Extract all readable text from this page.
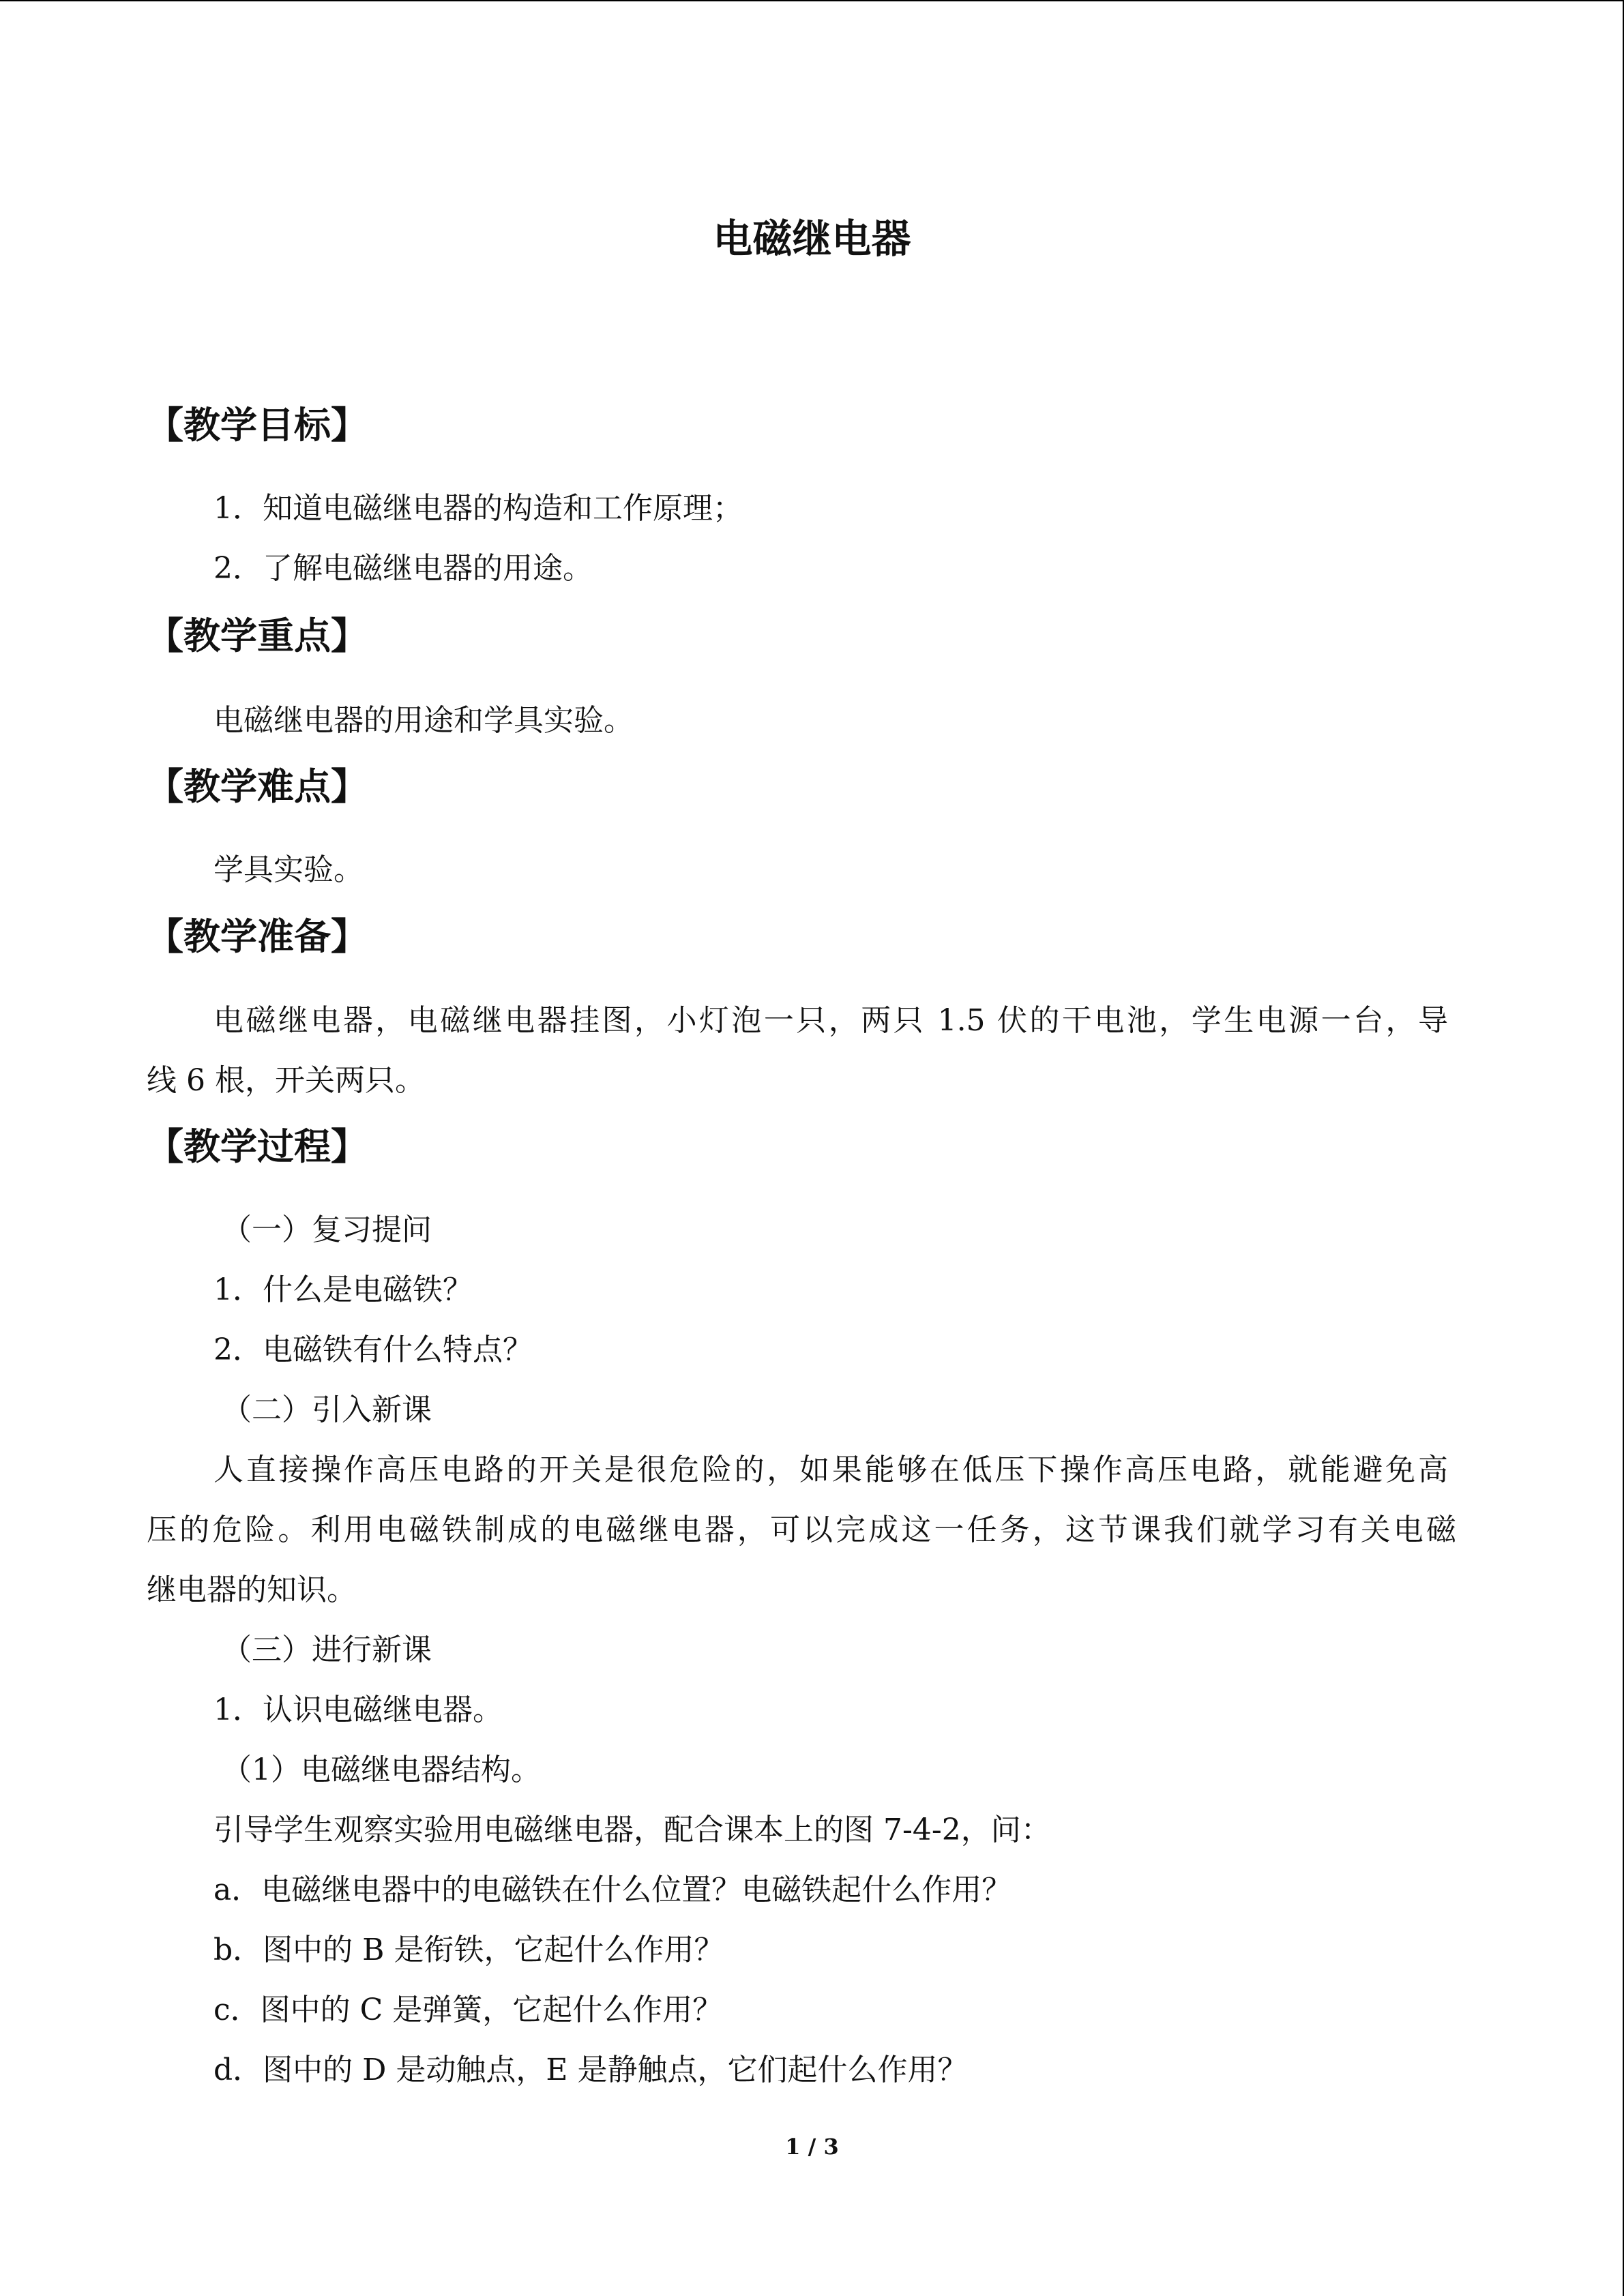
电磁继电器
【教学目标】

1．知道电磁继电器的构造和工作原理；

2．了解电磁继电器的用途。

【教学重点】

电磁继电器的用途和学具实验。

【教学难点】

学具实验。

【教学准备】

电磁继电器，电磁继电器挂图，小灯泡一只，两只 1.5 伏的干电池，学生电源一台，导

线 6 根，开关两只。

【教学过程】

（一）复习提问

1．什么是电磁铁？

2．电磁铁有什么特点？

（二）引入新课

人直接操作高压电路的开关是很危险的，如果能够在低压下操作高压电路，就能避免高

压的危险。利用电磁铁制成的电磁继电器，可以完成这一任务，这节课我们就学习有关电磁

继电器的知识。

（三）进行新课

1．认识电磁继电器。

（1）电磁继电器结构。

引导学生观察实验用电磁继电器，配合课本上的图 7-4-2，问：

a．电磁继电器中的电磁铁在什么位置？电磁铁起什么作用？

b．图中的 B 是衔铁，它起什么作用？

c．图中的 C 是弹簧，它起什么作用？

d．图中的 D 是动触点，E 是静触点，它们起什么作用？

1 / 3
